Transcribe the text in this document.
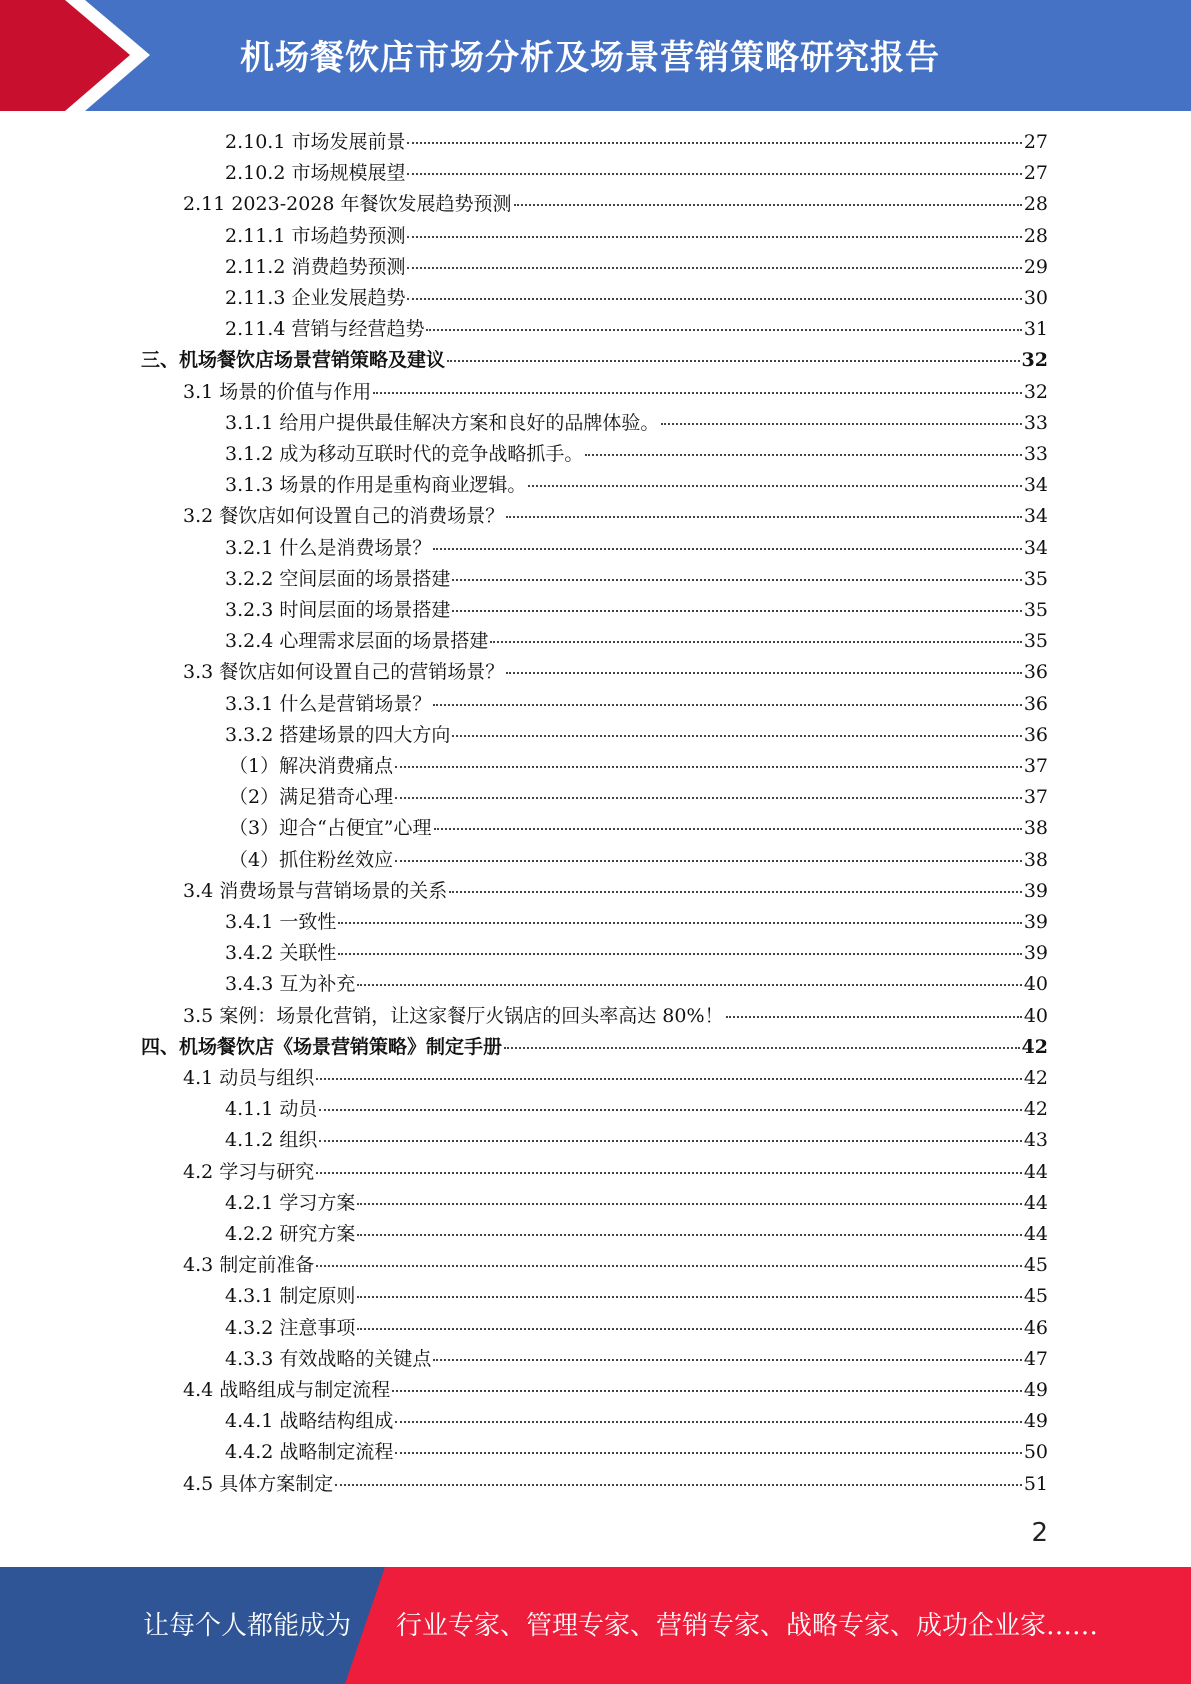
机场餐饮店市场分析及场景营销策略研究报告
2.10.1 市场发展前景	27
2.10.2 市场规模展望	27
2.11 2023-2028 年餐饮发展趋势预测	28
2.11.1 市场趋势预测	28
2.11.2 消费趋势预测	29
2.11.3 企业发展趋势	30
2.11.4 营销与经营趋势	31
三、机场餐饮店场景营销策略及建议	32
3.1 场景的价值与作用	32
3.1.1 给用户提供最佳解决方案和良好的品牌体验。	33
3.1.2 成为移动互联时代的竞争战略抓手。	33
3.1.3 场景的作用是重构商业逻辑。	34
3.2 餐饮店如何设置自己的消费场景？	34
3.2.1 什么是消费场景？	34
3.2.2 空间层面的场景搭建	35
3.2.3 时间层面的场景搭建	35
3.2.4 心理需求层面的场景搭建	35
3.3 餐饮店如何设置自己的营销场景？	36
3.3.1 什么是营销场景？	36
3.3.2 搭建场景的四大方向	36
（1）解决消费痛点	37
（2）满足猎奇心理	37
（3）迎合“占便宜”心理	38
（4）抓住粉丝效应	38
3.4 消费场景与营销场景的关系	39
3.4.1 一致性	39
3.4.2 关联性	39
3.4.3 互为补充	40
3.5 案例：场景化营销，让这家餐厅火锅店的回头率高达 80%！	40
四、机场餐饮店《场景营销策略》制定手册	42
4.1 动员与组织	42
4.1.1 动员	42
4.1.2 组织	43
4.2 学习与研究	44
4.2.1 学习方案	44
4.2.2 研究方案	44
4.3 制定前准备	45
4.3.1 制定原则	45
4.3.2 注意事项	46
4.3.3 有效战略的关键点	47
4.4 战略组成与制定流程	49
4.4.1 战略结构组成	49
4.4.2 战略制定流程	50
4.5 具体方案制定	51
2
让每个人都能成为 行业专家、管理专家、营销专家、战略专家、成功企业家……
